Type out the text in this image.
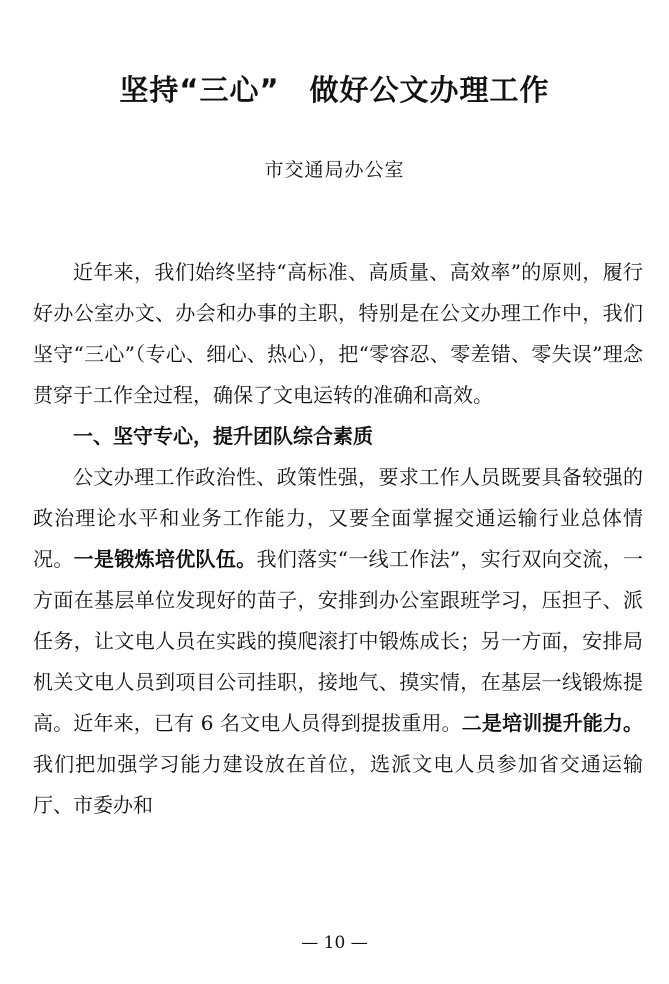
坚持“三心” 做好公文办理工作
市交通局办公室

近年来，我们始终坚持“高标准、高质量、高效率”的原则，履行好办公室办文、办会和办事的主职，特别是在公文办理工作中，我们坚守“三心”（专心、细心、热心），把“零容忍、零差错、零失误”理念贯穿于工作全过程，确保了文电运转的准确和高效。

一、坚守专心，提升团队综合素质

公文办理工作政治性、政策性强，要求工作人员既要具备较强的政治理论水平和业务工作能力，又要全面掌握交通运输行业总体情况。一是锻炼培优队伍。我们落实“一线工作法”，实行双向交流，一方面在基层单位发现好的苗子，安排到办公室跟班学习，压担子、派任务，让文电人员在实践的摸爬滚打中锻炼成长；另一方面，安排局机关文电人员到项目公司挂职，接地气、摸实情，在基层一线锻炼提高。近年来，已有 6 名文电人员得到提拔重用。二是培训提升能力。我们把加强学习能力建设放在首位，选派文电人员参加省交通运输厅、市委办和

— 10 —
